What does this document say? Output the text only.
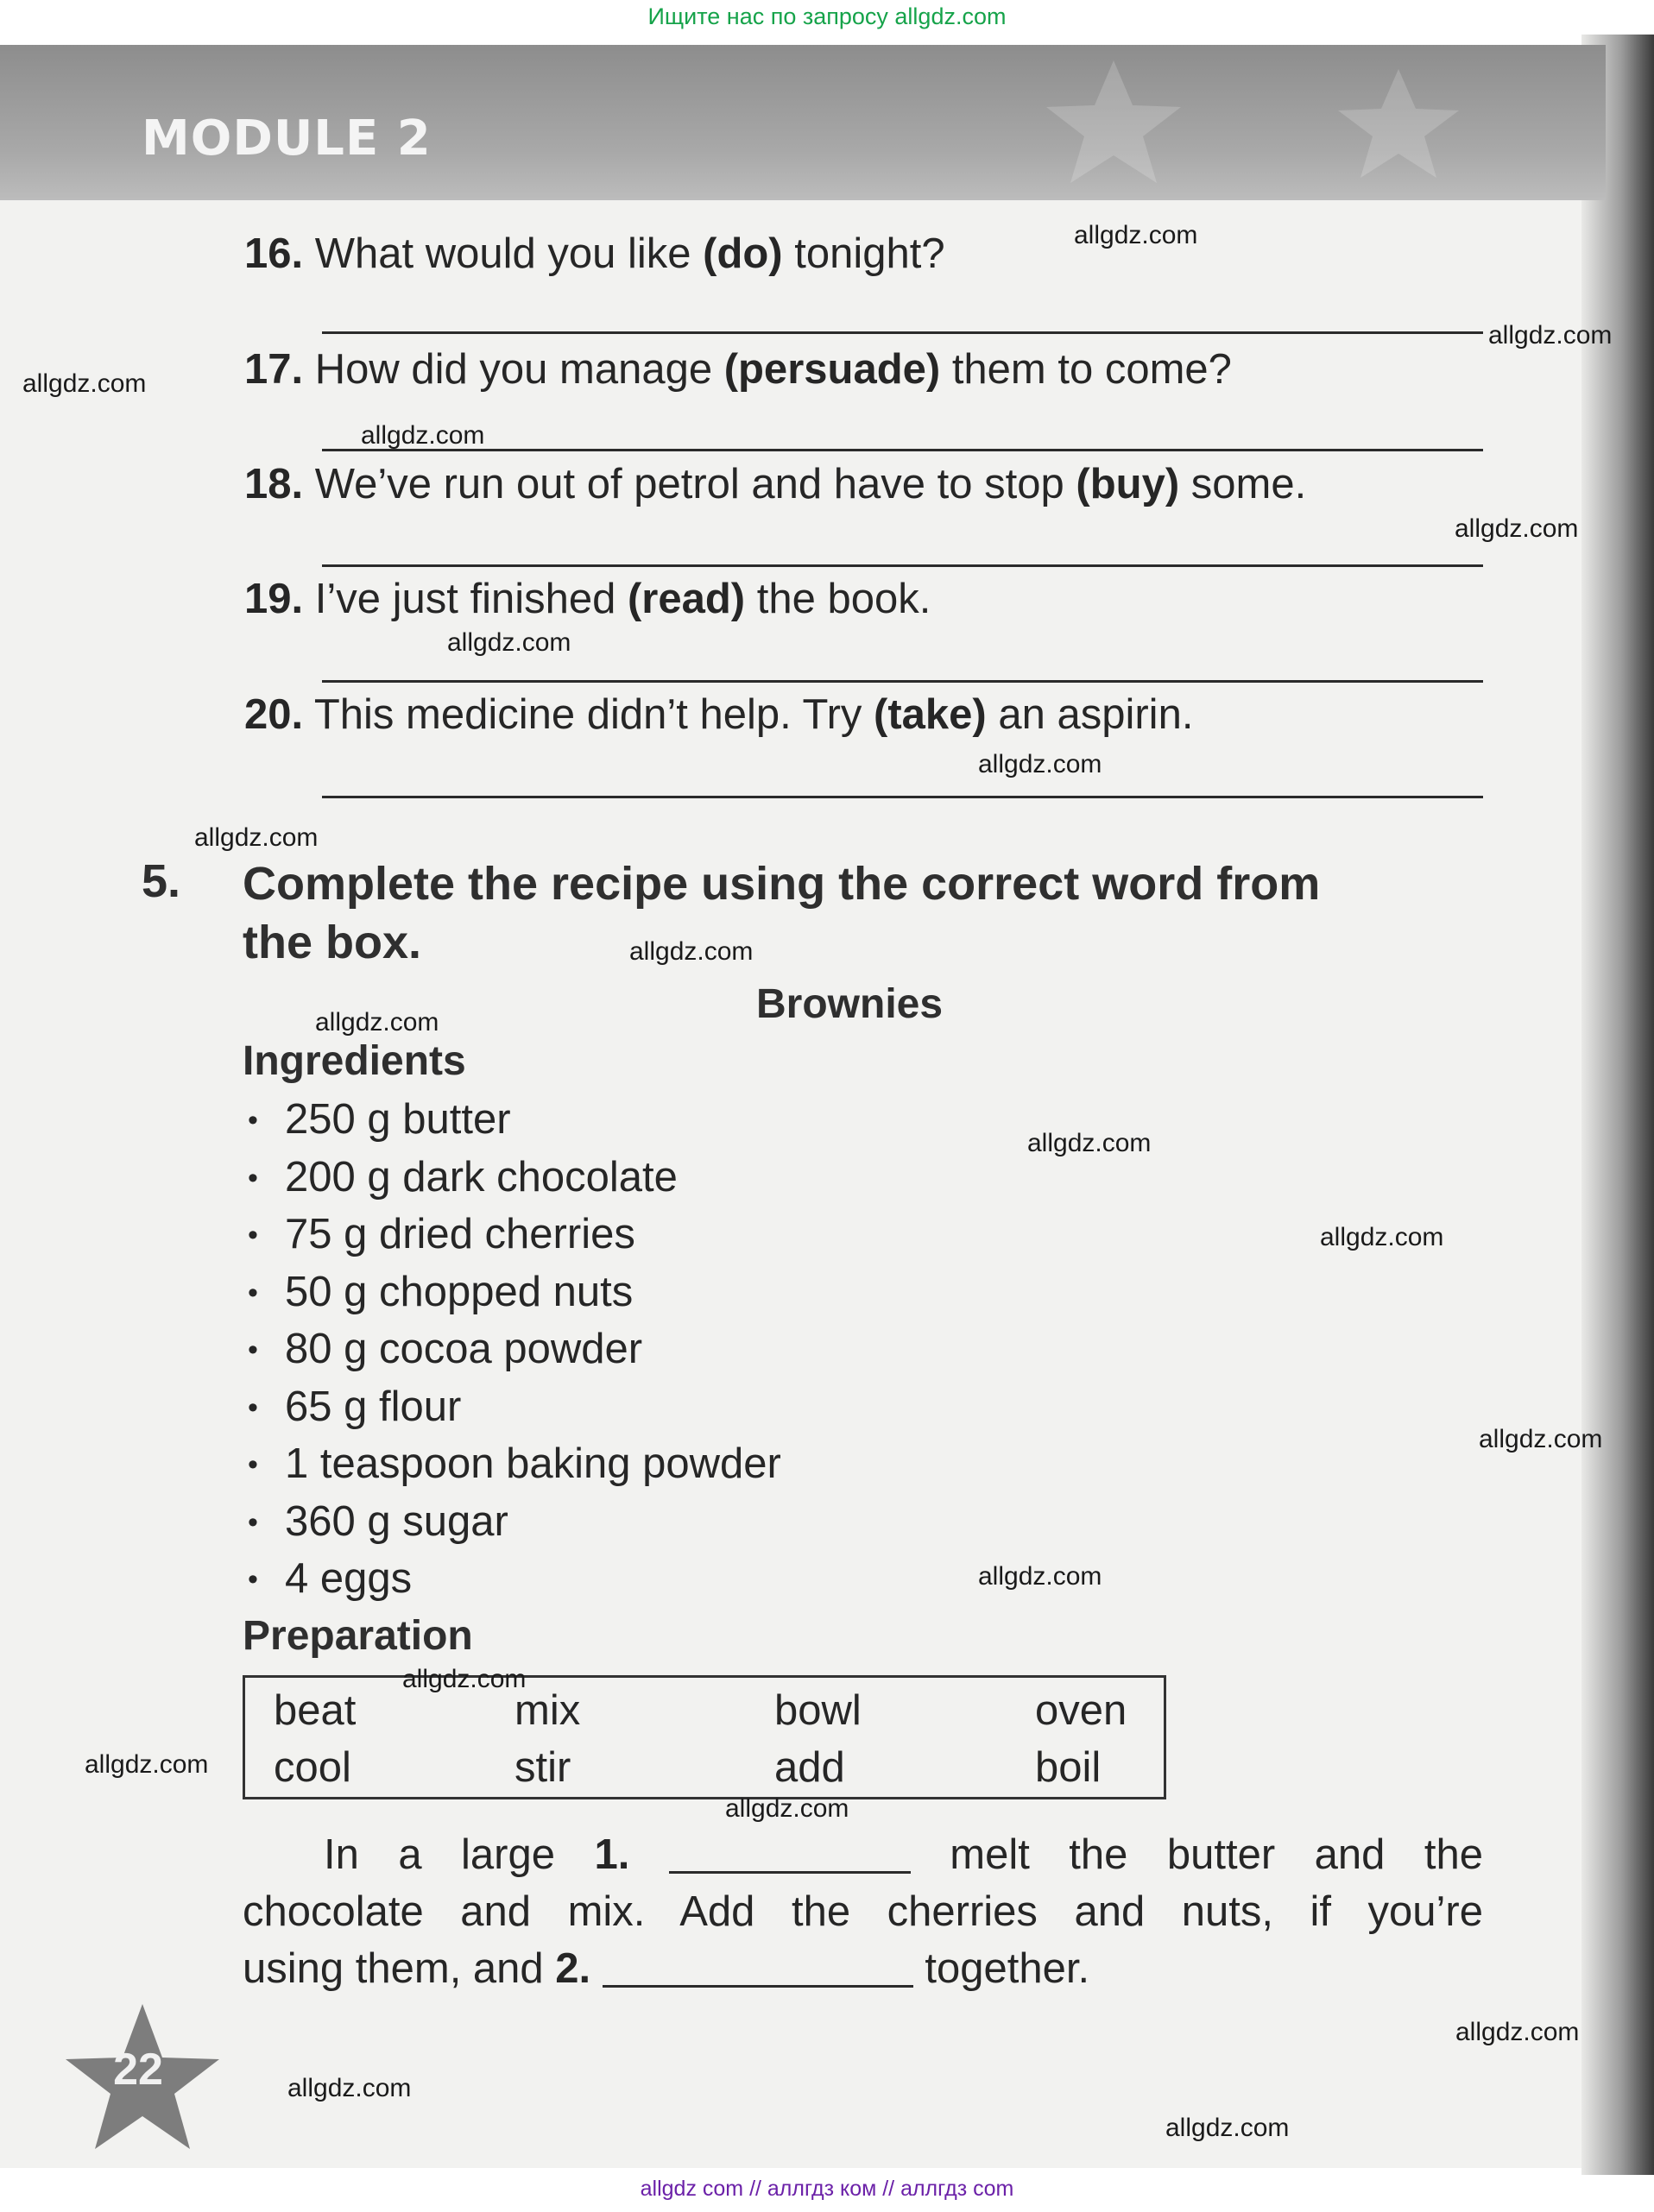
Ищите нас по запросу allgdz.com
MODULE 2
16. What would you like (do) tonight?
17. How did you manage (persuade) them to come?
18. We’ve run out of petrol and have to stop (buy) some.
19. I’ve just finished (read) the book.
20. This medicine didn’t help. Try (take) an aspirin.
5. Complete the recipe using the correct word from
the box.
Brownies
Ingredients
• 250 g butter
• 200 g dark chocolate
• 75 g dried cherries
• 50 g chopped nuts
• 80 g cocoa powder
• 65 g flour
• 1 teaspoon baking powder
• 360 g sugar
• 4 eggs
Preparation
beat	mix	bowl	oven
cool	stir	add	boil
In a large 1.	melt the butter and the
chocolate and mix. Add the cherries and nuts, if you’re
using them, and 2.	together.
22
allgdz.com
allgdz.com
allgdz.com
allgdz.com
allgdz.com
allgdz.com
allgdz.com
allgdz.com
allgdz.com
allgdz.com
allgdz.com
allgdz.com
allgdz.com
allgdz.com
allgdz.com
allgdz.com
allgdz.com
allgdz.com
allgdz.com
allgdz.com
allgdz com // аллгдз ком // аллгдз com
